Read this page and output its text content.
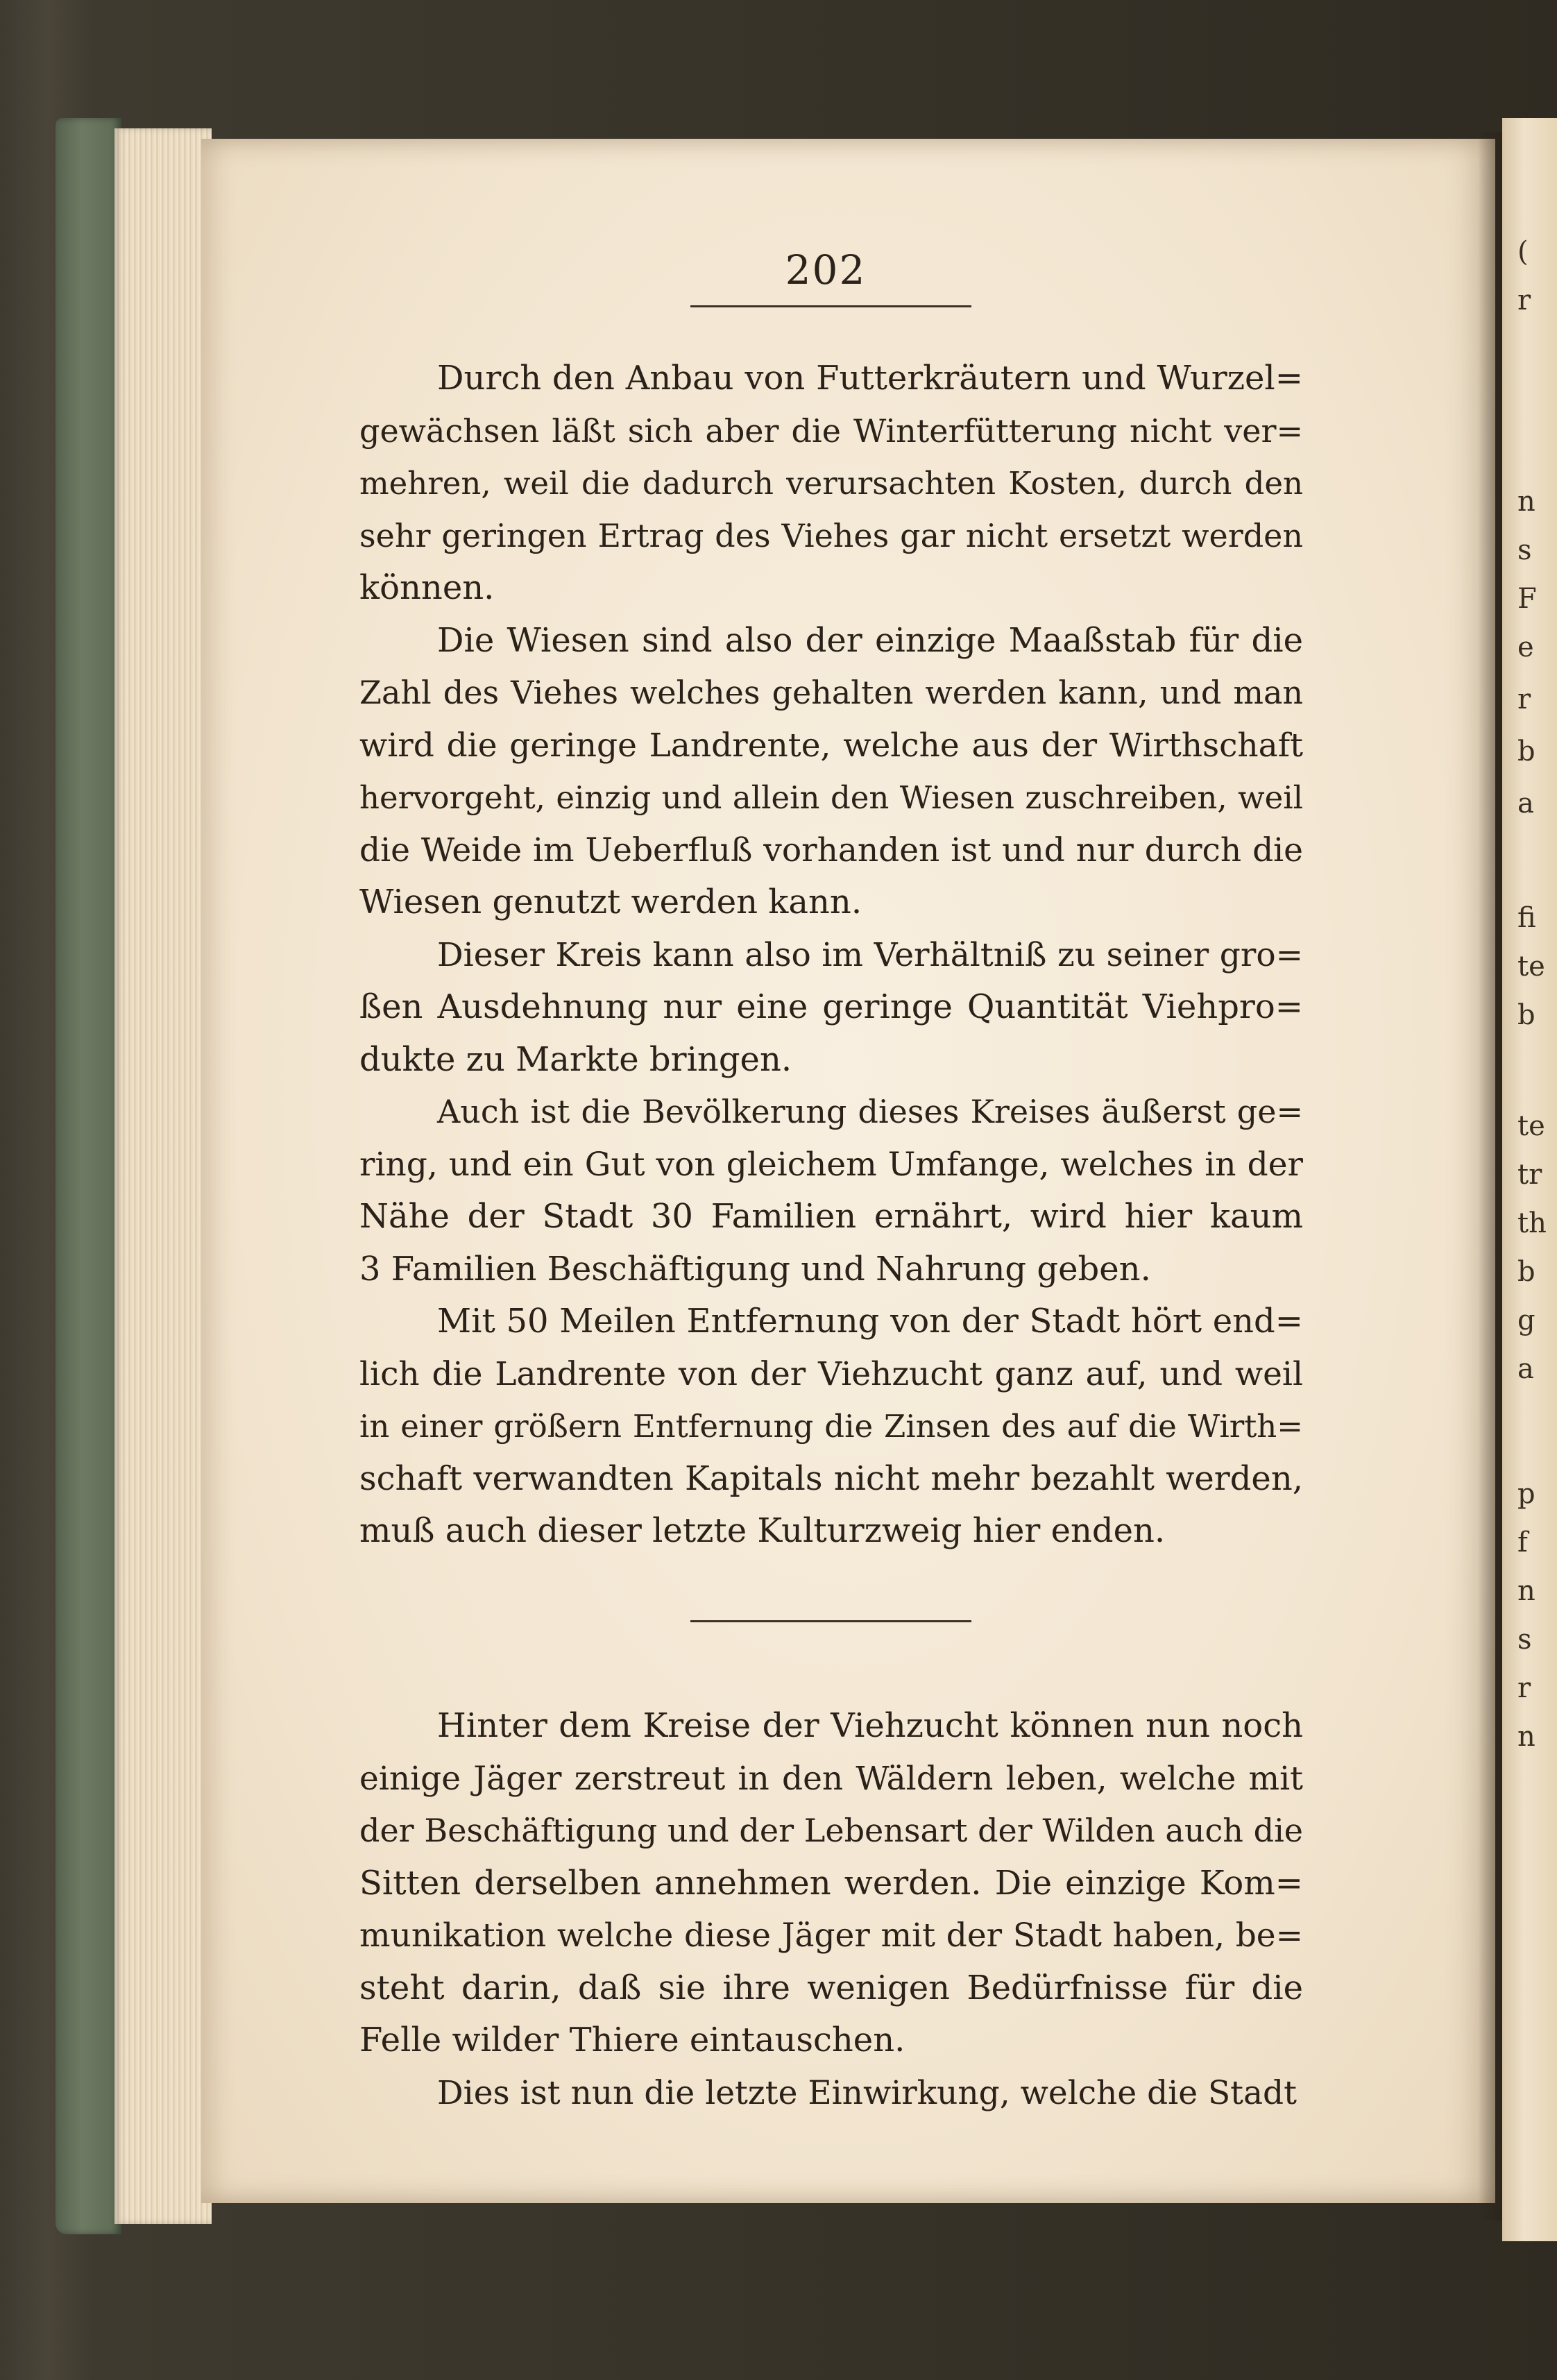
(
r
n
s
F
e
r
b
a
fi
te
b
te
tr
th
b
g
a
p
f
n
s
r
n
202
Durch den Anbau von Futterkräutern und Wurzel=
gewächsen läßt sich aber die Winterfütterung nicht ver=
mehren, weil die dadurch verursachten Kosten, durch den
sehr geringen Ertrag des Viehes gar nicht ersetzt werden
können.
Die Wiesen sind also der einzige Maaßstab für die
Zahl des Viehes welches gehalten werden kann, und man
wird die geringe Landrente, welche aus der Wirthschaft
hervorgeht, einzig und allein den Wiesen zuschreiben, weil
die Weide im Ueberfluß vorhanden ist und nur durch die
Wiesen genutzt werden kann.
Dieser Kreis kann also im Verhältniß zu seiner gro=
ßen Ausdehnung nur eine geringe Quantität Viehpro=
dukte zu Markte bringen.
Auch ist die Bevölkerung dieses Kreises äußerst ge=
ring, und ein Gut von gleichem Umfange, welches in der
Nähe der Stadt 30 Familien ernährt, wird hier kaum
3 Familien Beschäftigung und Nahrung geben.
Mit 50 Meilen Entfernung von der Stadt hört end=
lich die Landrente von der Viehzucht ganz auf, und weil
in einer größern Entfernung die Zinsen des auf die Wirth=
schaft verwandten Kapitals nicht mehr bezahlt werden,
muß auch dieser letzte Kulturzweig hier enden.
Hinter dem Kreise der Viehzucht können nun noch
einige Jäger zerstreut in den Wäldern leben, welche mit
der Beschäftigung und der Lebensart der Wilden auch die
Sitten derselben annehmen werden. Die einzige Kom=
munikation welche diese Jäger mit der Stadt haben, be=
steht darin, daß sie ihre wenigen Bedürfnisse für die
Felle wilder Thiere eintauschen.
Dies ist nun die letzte Einwirkung, welche die Stadt
